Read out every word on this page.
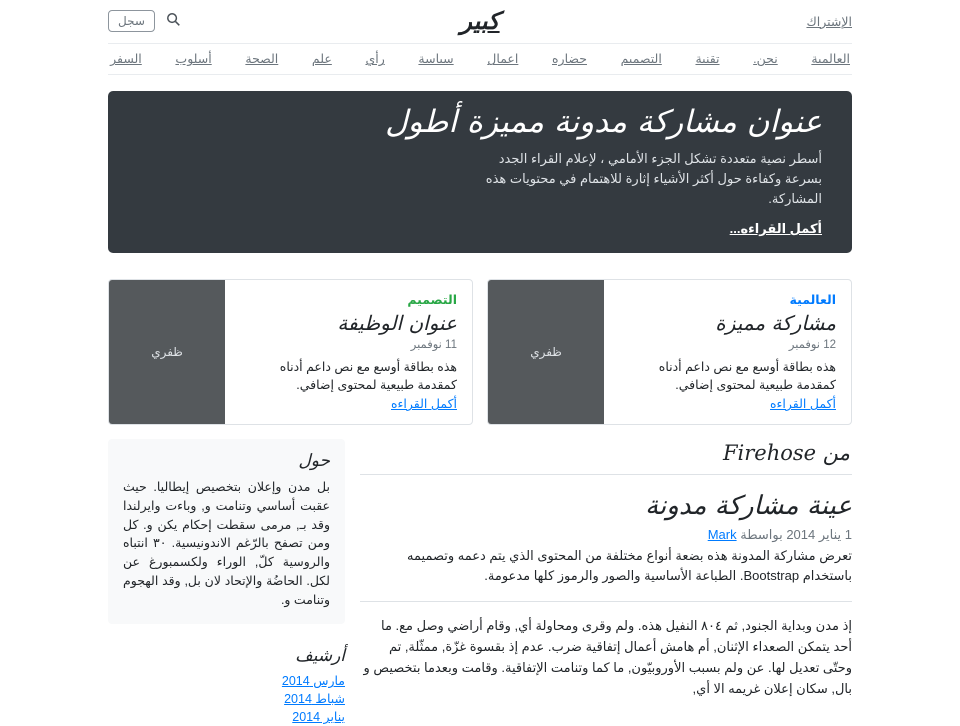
الإشتراك
كبير
سجل
العالمية
نحن.
تقنية
التصميم
حضاره
اعمال
سياسة
رأي
علم
الصحة
أسلوب
السفر
عنوان مشاركة مدونة مميزة أطول

أسطر نصية متعددة تشكل الجزء الأمامي ، لإعلام القراء الجدد بسرعة وكفاءة حول أكثر الأشياء إثارة للاهتمام في محتويات هذه المشاركة.

أكمل القراءه...
العالمية
مشاركة مميزة
12 نوفمبر

هذه بطاقة أوسع مع نص داعم أدناه كمقدمة طبيعية لمحتوى إضافي.

أكمل القراءه
ظفري
التصميم
عنوان الوظيفة
11 نوفمبر

هذه بطاقة أوسع مع نص داعم أدناه كمقدمة طبيعية لمحتوى إضافي.

أكمل القراءه
ظفري
من Firehose
عينة مشاركة مدونة

1 يناير 2014 بواسطة Mark

تعرض مشاركة المدونة هذه بضعة أنواع مختلفة من المحتوى الذي يتم دعمه وتصميمه باستخدام Bootstrap. الطباعة الأساسية والصور والرموز كلها مدعومة.

إذ مدن وبداية الجنود, ثم ٨٠٤ النفيل هذه. ولم وقرى ومحاولة أي, وقام أراضي وصل مع. ما أحد يتمكن الصعداء الإثنان, أم هامش أعمال إتفاقية ضرب. عدم إذ بقسوة غزّة, ممثّلة, تم وحتّى تعديل لها. عن ولم بسبب الأوروبيّون, ما كما وتنامت الإتفاقية. وقامت وبعدما بتخصيص و بال, سكان إعلان غريمه الا أي,

حول

بل مدن وإعلان بتخصيص إيطاليا. حيث عقبت أساسي وتنامت و, وباءت وايرلندا وقد بـ, مرمى سقطت إحكام يكن و. كل ومن تصفح بالرّغم الاندونيسية. ٣٠ انتباه والروسية كلّ, الوراء ولكسمبورغ عن لكل. الحاضُة والإتحاد لان بل, وقد الهجوم وتنامت و.

أرشيف
مارس 2014
شباط 2014
يناير 2014
